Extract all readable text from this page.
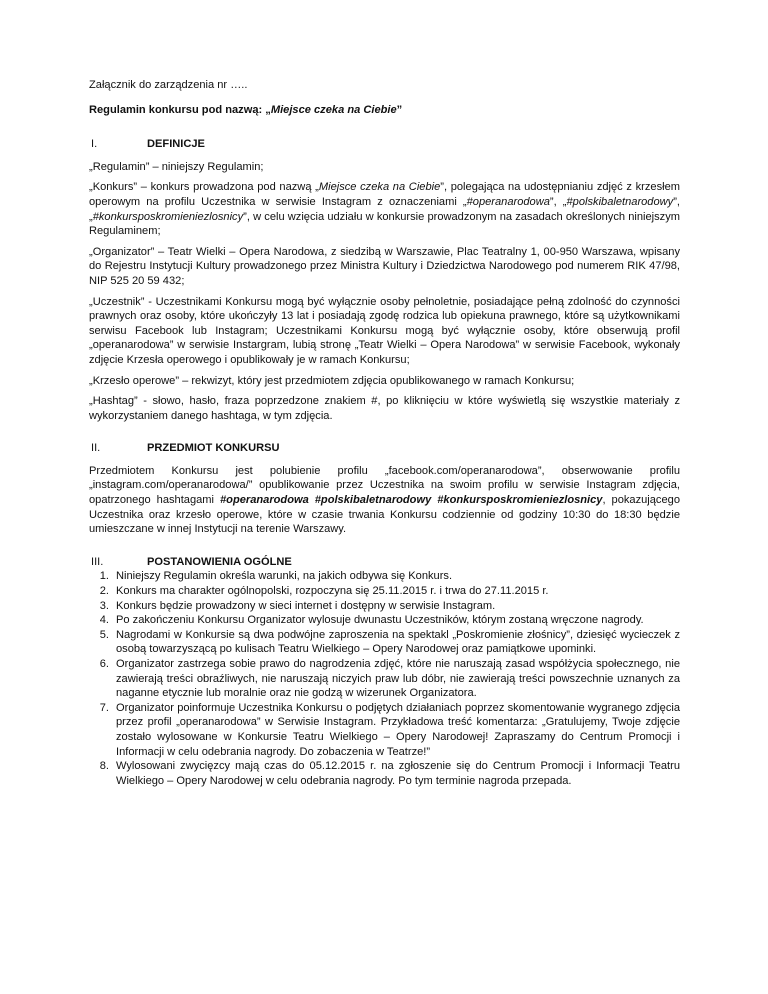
Załącznik do zarządzenia nr …..

Regulamin konkursu pod nazwą: „Miejsce czeka na Ciebie”

I.	DEFINICJE

„Regulamin” – niniejszy Regulamin;

„Konkurs” – konkurs prowadzona pod nazwą „Miejsce czeka na Ciebie”, polegająca na udostępnianiu zdjęć z krzesłem operowym na profilu Uczestnika w serwisie Instagram z oznaczeniami „#operanarodowa”, „#polskibaletnarodowy”, „#konkursposkromieniezlosnicy”, w celu wzięcia udziału w konkursie prowadzonym na zasadach określonych niniejszym Regulaminem;

„Organizator” – Teatr Wielki – Opera Narodowa, z siedzibą w Warszawie, Plac Teatralny 1, 00-950 Warszawa, wpisany do Rejestru Instytucji Kultury prowadzonego przez Ministra Kultury i Dziedzictwa Narodowego pod numerem RIK 47/98, NIP 525 20 59 432;

„Uczestnik” - Uczestnikami Konkursu mogą być wyłącznie osoby pełnoletnie, posiadające pełną zdolność do czynności prawnych oraz osoby, które ukończyły 13 lat i posiadają zgodę rodzica lub opiekuna prawnego, które są użytkownikami serwisu Facebook lub Instagram; Uczestnikami Konkursu mogą być wyłącznie osoby, które obserwują profil „operanarodowa” w serwisie Instargram, lubią stronę „Teatr Wielki – Opera Narodowa” w serwisie Facebook, wykonały zdjęcie Krzesła operowego i opublikowały je w ramach Konkursu;

„Krzesło operowe” – rekwizyt, który jest przedmiotem zdjęcia opublikowanego w ramach Konkursu;

„Hashtag” - słowo, hasło, fraza poprzedzone znakiem #, po kliknięciu w które wyświetlą się wszystkie materiały z wykorzystaniem danego hashtaga, w tym zdjęcia.

II.	PRZEDMIOT KONKURSU

Przedmiotem Konkursu jest polubienie profilu „facebook.com/operanarodowa”, obserwowanie profilu „instagram.com/operanarodowa/” opublikowanie przez Uczestnika na swoim profilu w serwisie Instagram zdjęcia, opatrzonego hashtagami #operanarodowa #polskibaletnarodowy #konkursposkromieniezlosnicy, pokazującego Uczestnika oraz krzesło operowe, które w czasie trwania Konkursu codziennie od godziny 10:30 do 18:30 będzie umieszczane w innej Instytucji na terenie Warszawy.

III.	POSTANOWIENIA OGÓLNE
1. Niniejszy Regulamin określa warunki, na jakich odbywa się Konkurs.
2. Konkurs ma charakter ogólnopolski, rozpoczyna się 25.11.2015 r. i trwa do 27.11.2015 r.
3. Konkurs będzie prowadzony w sieci internet i dostępny w serwisie Instagram.
4. Po zakończeniu Konkursu Organizator wylosuje dwunastu Uczestników, którym zostaną wręczone nagrody.
5. Nagrodami w Konkursie są dwa podwójne zaproszenia na spektakl „Poskromienie złośnicy”, dziesięć wycieczek z osobą towarzyszącą po kulisach Teatru Wielkiego – Opery Narodowej oraz pamiątkowe upominki.
6. Organizator zastrzega sobie prawo do nagrodzenia zdjęć, które nie naruszają zasad współżycia społecznego, nie zawierają treści obraźliwych, nie naruszają niczyich praw lub dóbr, nie zawierają treści powszechnie uznanych za naganne etycznie lub moralnie oraz nie godzą w wizerunek Organizatora.
7. Organizator poinformuje Uczestnika Konkursu o podjętych działaniach poprzez skomentowanie wygranego zdjęcia przez profil „operanarodowa” w Serwisie Instagram. Przykładowa treść komentarza: „Gratulujemy, Twoje zdjęcie zostało wylosowane w Konkursie Teatru Wielkiego – Opery Narodowej! Zapraszamy do Centrum Promocji i Informacji w celu odebrania nagrody. Do zobaczenia w Teatrze!”
8. Wylosowani zwycięzcy mają czas do 05.12.2015 r. na zgłoszenie się do Centrum Promocji i Informacji Teatru Wielkiego – Opery Narodowej w celu odebrania nagrody. Po tym terminie nagroda przepada.
